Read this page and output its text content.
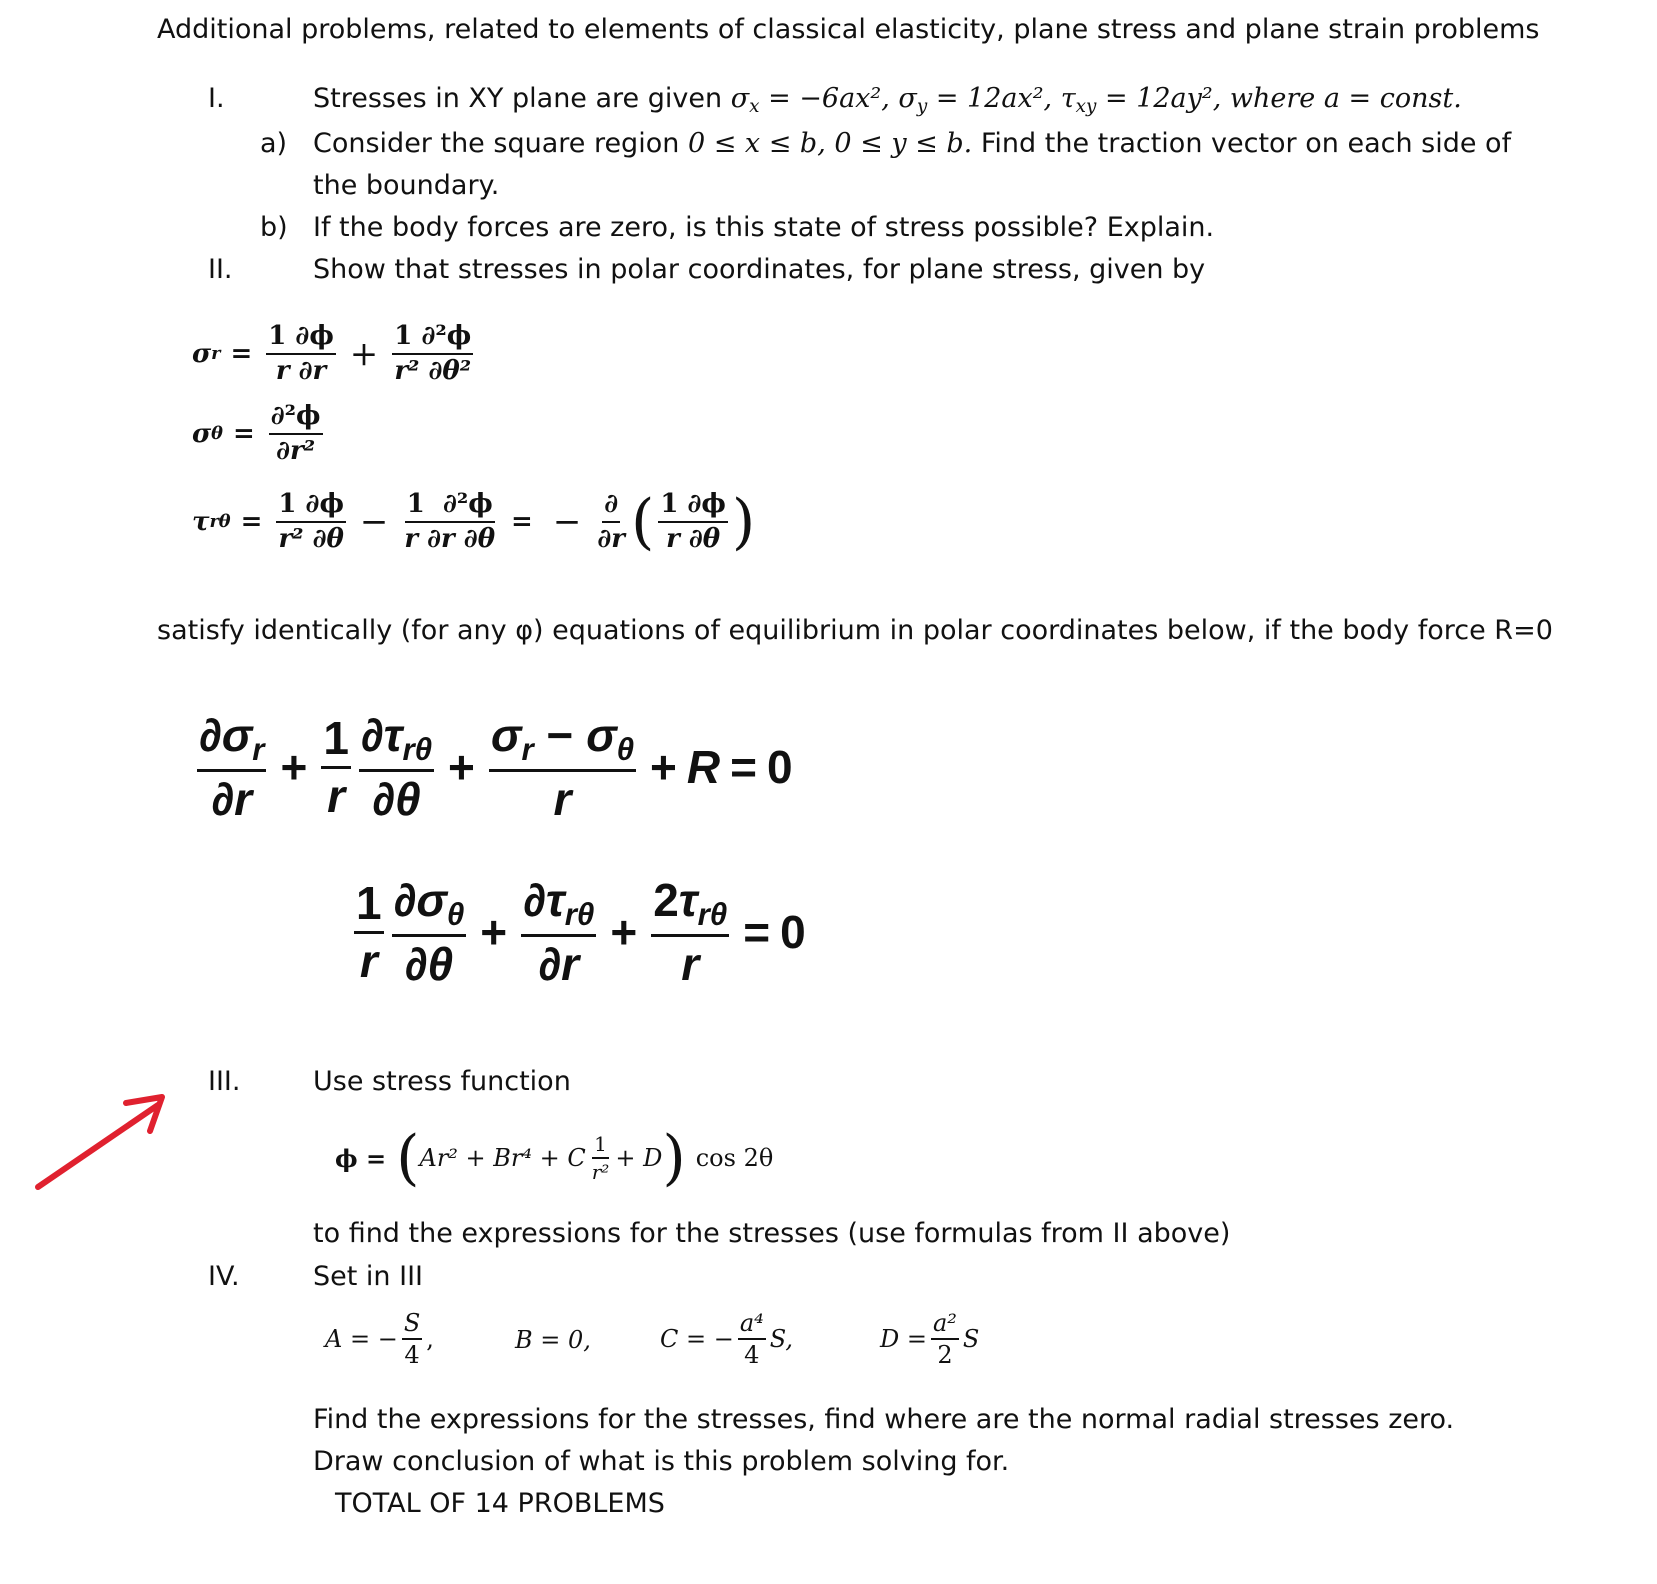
Additional problems, related to elements of classical elasticity, plane stress and plane strain problems
I.	Stresses in XY plane are given $\sigma_x = -6ax^2$, $\sigma_y = 12ax^2$, $\tau_{xy} = 12ay^2$, where a = const.
a) Consider the square region 0 ≤ x ≤ b, 0 ≤ y ≤ b. Find the traction vector on each side of
the boundary.
b) If the body forces are zero, is this state of stress possible? Explain.
II.	Show that stresses in polar coordinates, for plane stress, given by
σ $r = \frac{1 \partial\phi}{r \partial r} + \frac{\text{1 ∂²ϕ}}{\text{r² ∂θ²}}$
σ $\theta = \frac{\text{∂²ϕ}}{\text{∂r²}}$
τ $r\theta = \frac{1 \partial\phi}{\text{r² ∂θ}} - \frac{\text{1  ∂²ϕ}}{r \partial r \partial\theta}$ = − $\frac{\partial}{\partial r}$ ( $\frac{1 \partial\phi}{r \partial\theta}$ )
satisfy identically (for any φ) equations of equilibrium in polar coordinates below, if the body force R=0
$\frac{\partial\sigma_r}{\partial r} + \frac{1}{r} \frac{\partial\tau_{r\theta}}{\partial\theta} + \frac{\sigma_r - \sigma_\theta}{r} + R = 0$
$\frac{1}{r} \frac{\partial\sigma_\theta}{\partial\theta} + \frac{\partial\tau_{r\theta}}{\partial r} + \frac{2\tau_{r\theta}}{r} = 0$
III.	Use stress function
ϕ = ( Ar² + Br⁴ + C $\frac{1}{\text{r²}} + D$ ) cos 2θ
to find the expressions for the stresses (use formulas from II above)
IV.	Set in III
A = − $\frac{S}{4}$ ,	B = 0,	C = − $\frac{\text{a⁴}}{4} S$,	$D = \frac{\text{a²}}{2}$ S
Find the expressions for the stresses, find where are the normal radial stresses zero.
Draw conclusion of what is this problem solving for.
TOTAL OF 14 PROBLEMS
